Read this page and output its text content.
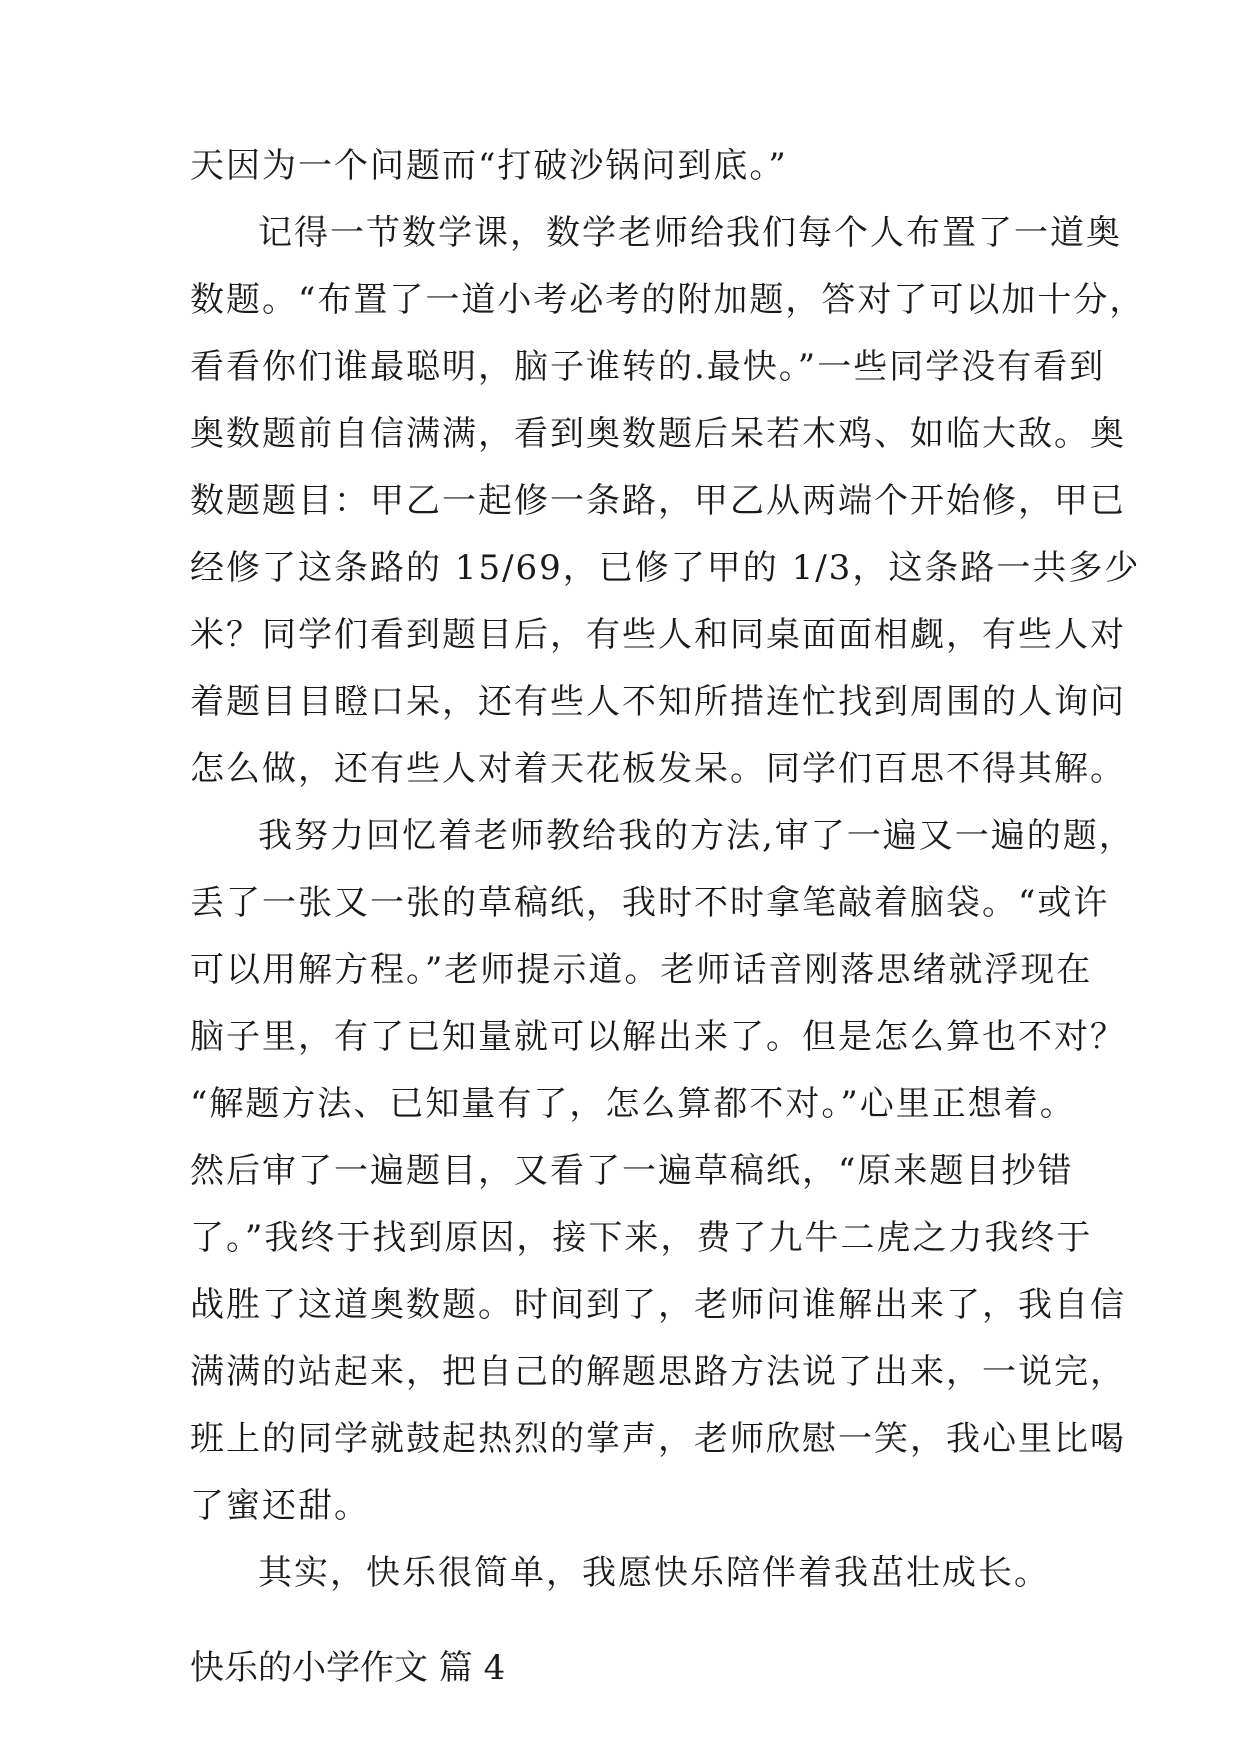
天因为一个问题而“打破沙锅问到底。”
记得一节数学课，数学老师给我们每个人布置了一道奥
数题。“布置了一道小考必考的附加题，答对了可以加十分，
看看你们谁最聪明，脑子谁转的.最快。”一些同学没有看到
奥数题前自信满满，看到奥数题后呆若木鸡、如临大敌。奥
数题题目：甲乙一起修一条路，甲乙从两端个开始修，甲已
经修了这条路的 15/69，已修了甲的 1/3，这条路一共多少
米？同学们看到题目后，有些人和同桌面面相觑，有些人对
着题目目瞪口呆，还有些人不知所措连忙找到周围的人询问
怎么做，还有些人对着天花板发呆。同学们百思不得其解。
我努力回忆着老师教给我的方法,审了一遍又一遍的题，
丢了一张又一张的草稿纸，我时不时拿笔敲着脑袋。“或许
可以用解方程。”老师提示道。老师话音刚落思绪就浮现在
脑子里，有了已知量就可以解出来了。但是怎么算也不对？
“解题方法、已知量有了，怎么算都不对。”心里正想着。
然后审了一遍题目，又看了一遍草稿纸，“原来题目抄错
了。”我终于找到原因，接下来，费了九牛二虎之力我终于
战胜了这道奥数题。时间到了，老师问谁解出来了，我自信
满满的站起来，把自己的解题思路方法说了出来，一说完，
班上的同学就鼓起热烈的掌声，老师欣慰一笑，我心里比喝
了蜜还甜。
其实，快乐很简单，我愿快乐陪伴着我茁壮成长。
快乐的小学作文 篇 4
